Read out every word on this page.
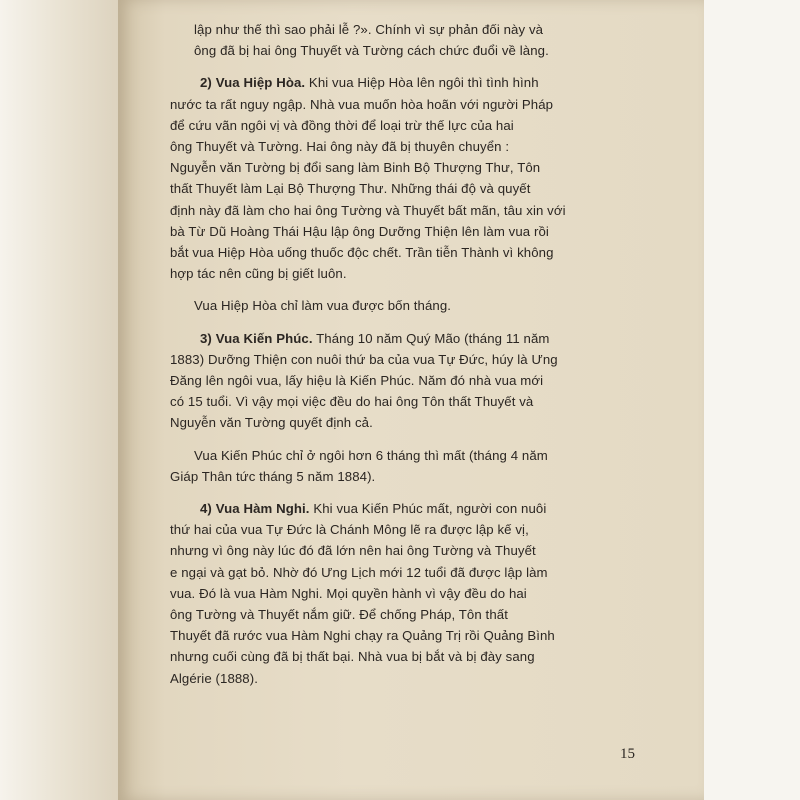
lập như thế thì sao phải lễ ?». Chính vì sự phản đối này và
ông đã bị hai ông Thuyết và Tường cách chức đuổi về làng.
2) Vua Hiệp Hòa. Khi vua Hiệp Hòa lên ngôi thì tình hình
nước ta rất nguy ngập. Nhà vua muốn hòa hoãn với người Pháp
để cứu vãn ngôi vị và đồng thời để loại trừ thế lực của hai
ông Thuyết và Tường. Hai ông này đã bị thuyên chuyển :
Nguyễn văn Tường bị đổi sang làm Binh Bộ Thượng Thư, Tôn
thất Thuyết làm Lại Bộ Thượng Thư. Những thái độ và quyết
định này đã làm cho hai ông Tường và Thuyết bất mãn, tâu xin với
bà Từ Dũ Hoàng Thái Hậu lập ông Dưỡng Thiện lên làm vua rồi
bắt vua Hiệp Hòa uống thuốc độc chết. Trần tiễn Thành vì không
hợp tác nên cũng bị giết luôn.
Vua Hiệp Hòa chỉ làm vua được bốn tháng.
3) Vua Kiến Phúc. Tháng 10 năm Quý Mão (tháng 11 năm
1883) Dưỡng Thiện con nuôi thứ ba của vua Tự Đức, húy là Ưng
Đăng lên ngôi vua, lấy hiệu là Kiến Phúc. Năm đó nhà vua mới
có 15 tuổi. Vì vậy mọi việc đều do hai ông Tôn thất Thuyết và
Nguyễn văn Tường quyết định cả.
Vua Kiến Phúc chỉ ở ngôi hơn 6 tháng thì mất (tháng 4 năm
Giáp Thân tức tháng 5 năm 1884).
4) Vua Hàm Nghi. Khi vua Kiến Phúc mất, người con nuôi
thứ hai của vua Tự Đức là Chánh Mông lẽ ra được lập kế vị,
nhưng vì ông này lúc đó đã lớn nên hai ông Tường và Thuyết
e ngại và gạt bỏ. Nhờ đó Ưng Lịch mới 12 tuổi đã được lập làm
vua. Đó là vua Hàm Nghi. Mọi quyền hành vì vậy đều do hai
ông Tường và Thuyết nắm giữ. Để chống Pháp, Tôn thất
Thuyết đã rước vua Hàm Nghi chạy ra Quảng Trị rồi Quảng Bình
nhưng cuối cùng đã bị thất bại. Nhà vua bị bắt và bị đày sang
Algérie (1888).
15
